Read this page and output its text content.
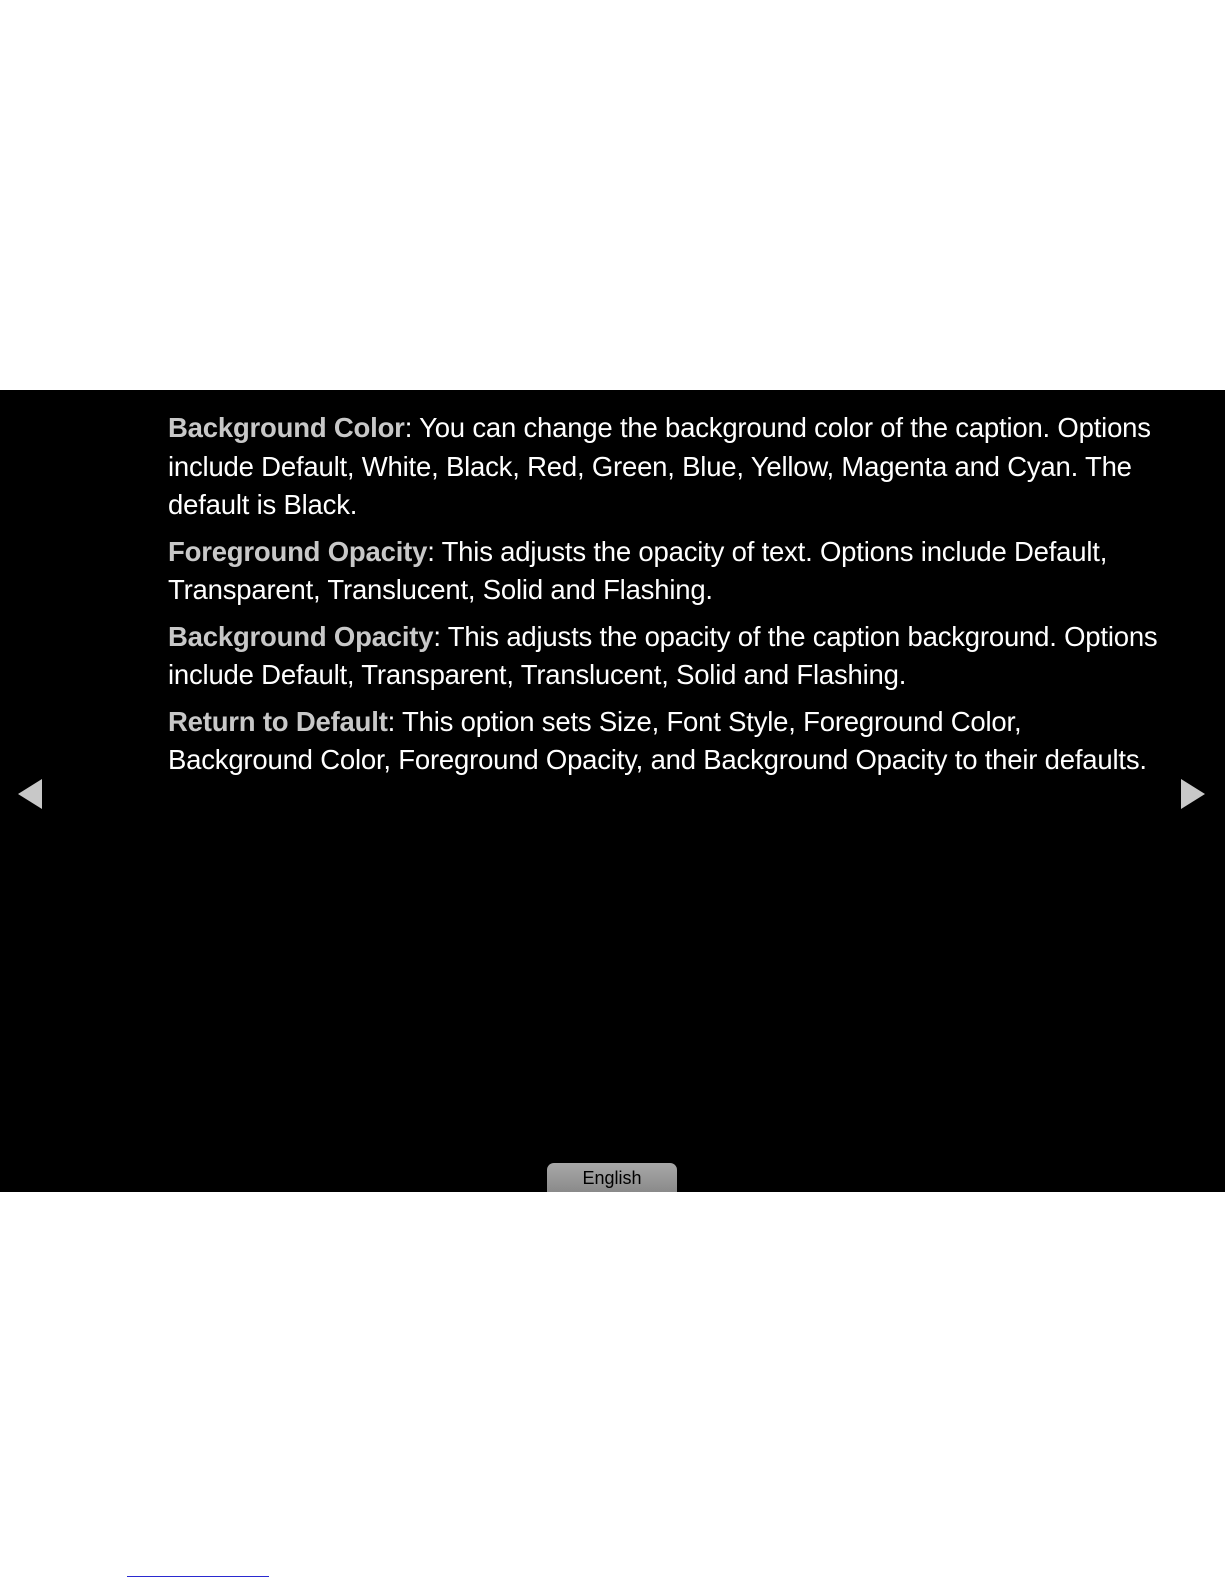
Background Color: You can change the background color of the caption. Options include Default, White, Black, Red, Green, Blue, Yellow, Magenta and Cyan. The default is Black.

Foreground Opacity: This adjusts the opacity of text. Options include Default, Transparent, Translucent, Solid and Flashing.

Background Opacity: This adjusts the opacity of the caption background. Options include Default, Transparent, Translucent, Solid and Flashing.

Return to Default: This option sets Size, Font Style, Foreground Color, Background Color, Foreground Opacity, and Background Opacity to their defaults.

English
